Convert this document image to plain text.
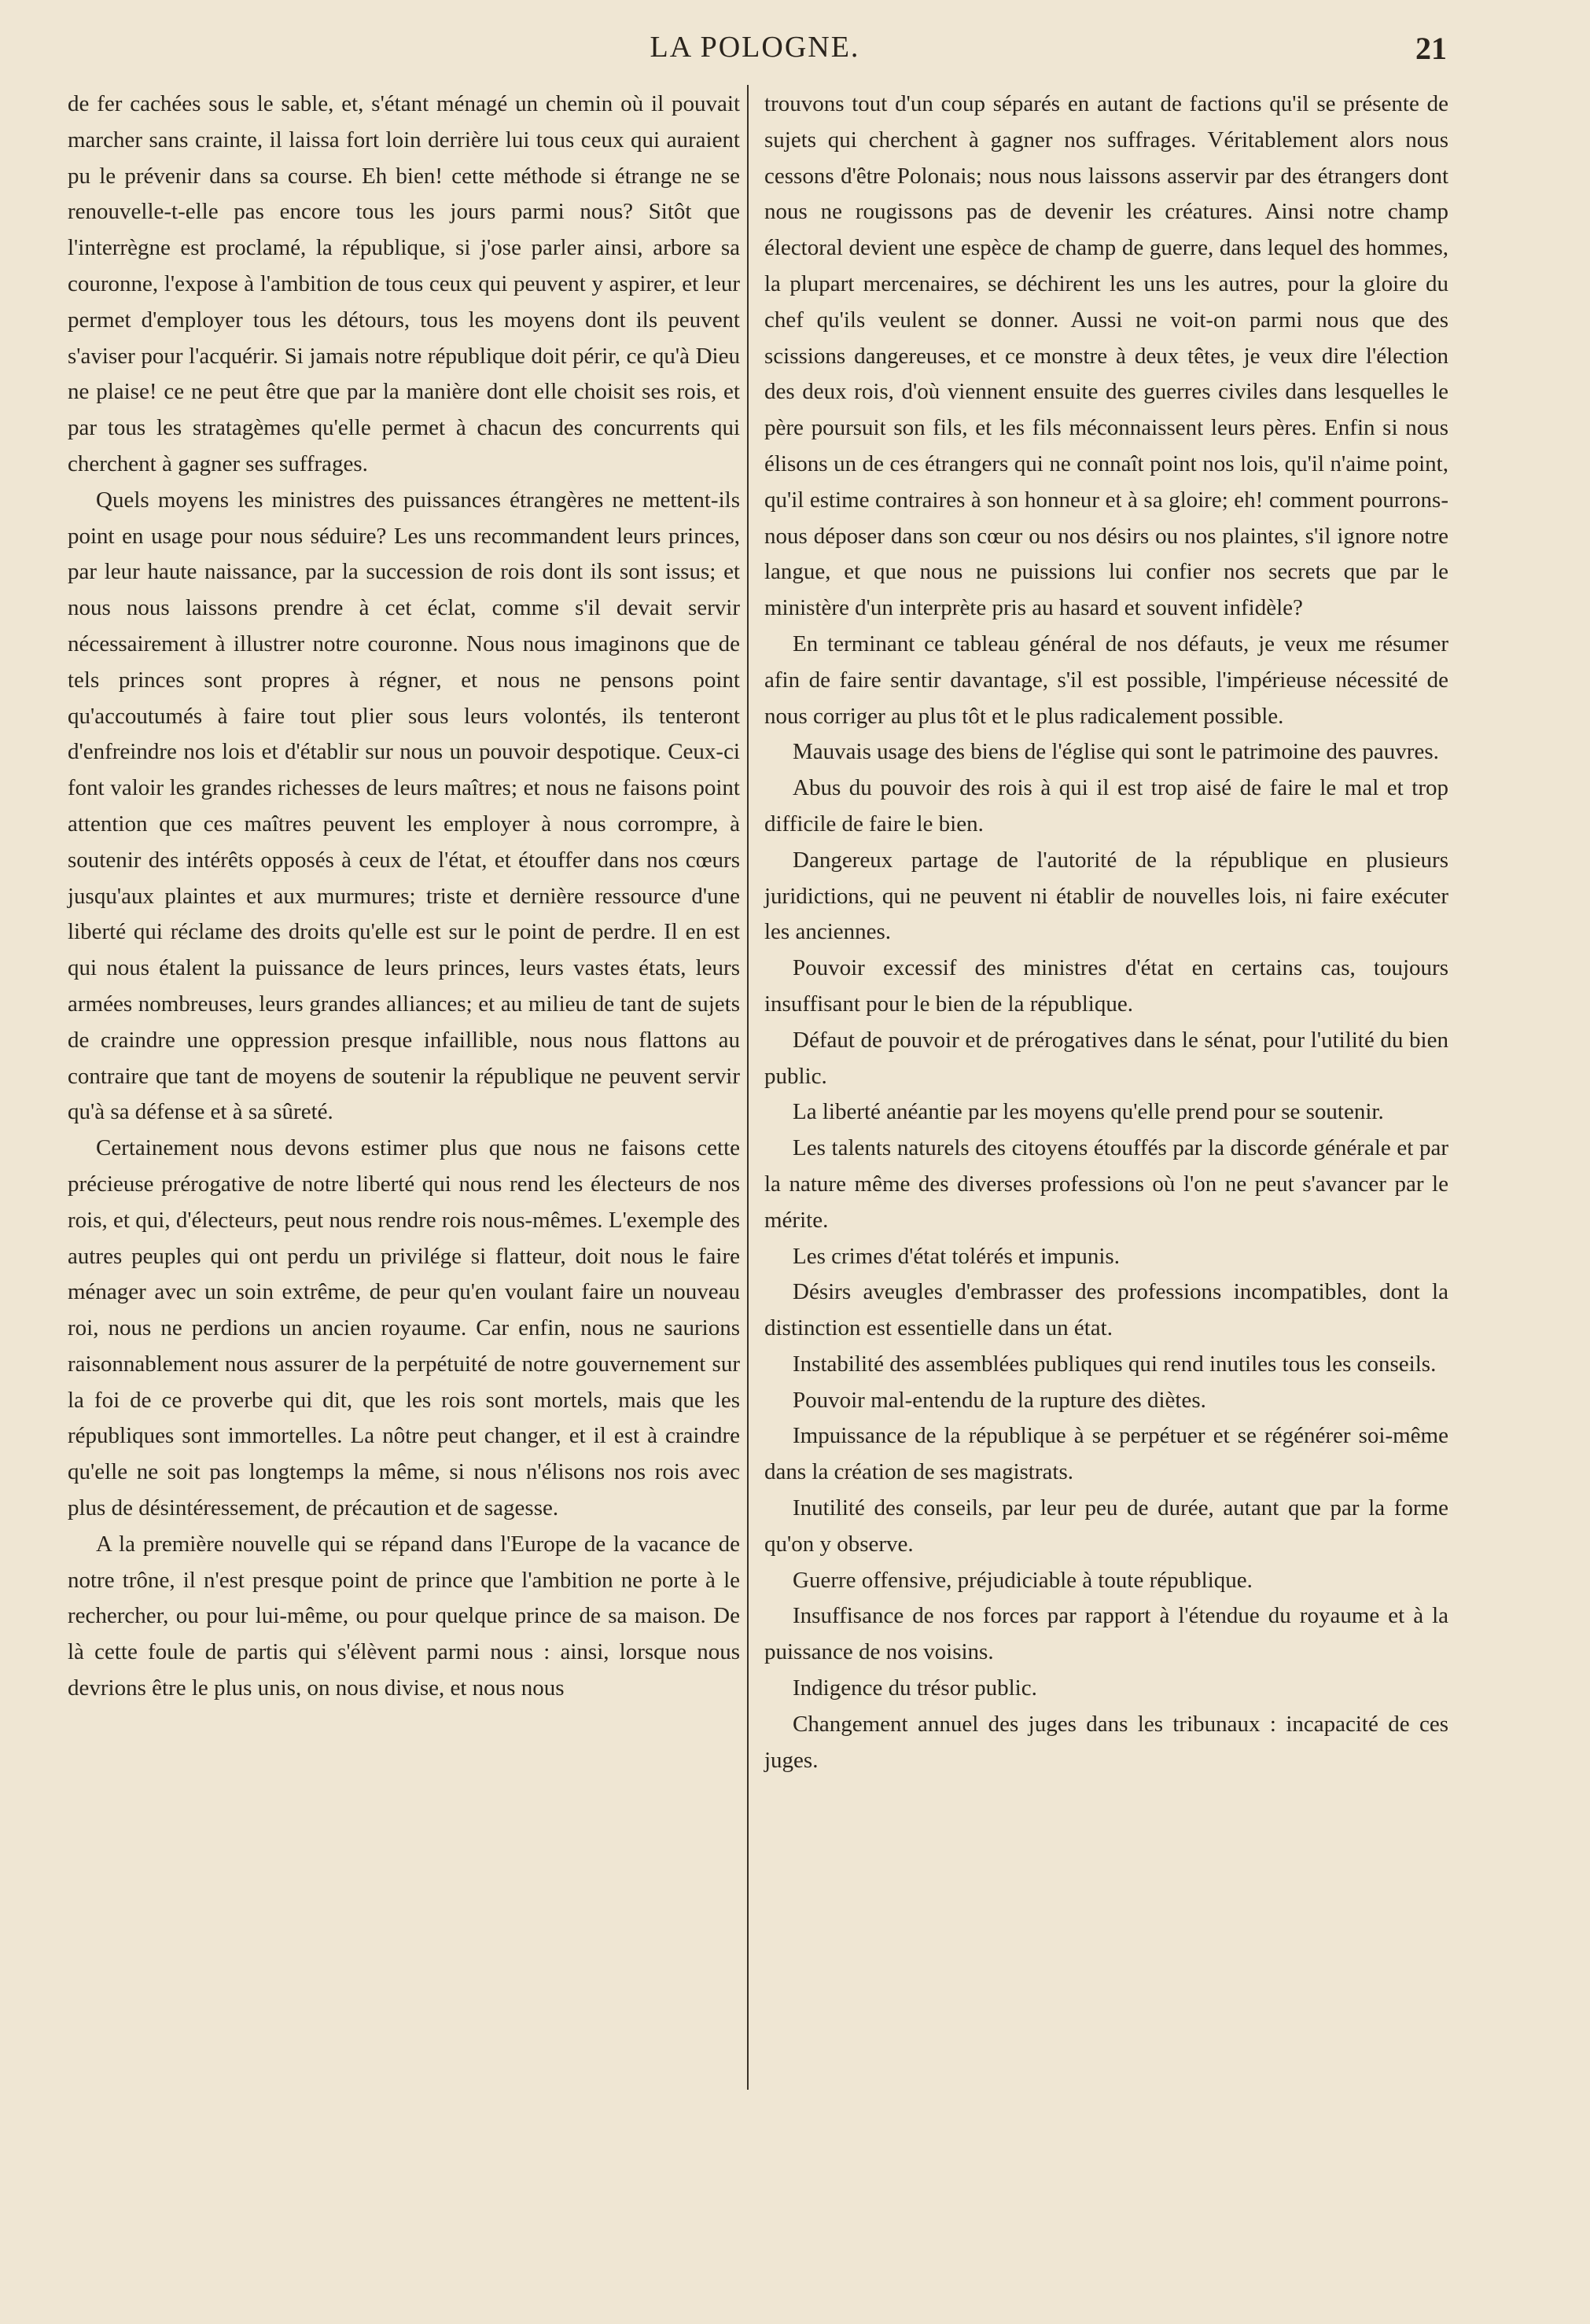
LA POLOGNE.	21

de fer cachées sous le sable, et, s'étant ménagé un chemin où il pouvait marcher sans crainte, il laissa fort loin derrière lui tous ceux qui auraient pu le prévenir dans sa course. Eh bien! cette méthode si étrange ne se renouvelle-t-elle pas encore tous les jours parmi nous? Sitôt que l'interrègne est proclamé, la république, si j'ose parler ainsi, arbore sa couronne, l'expose à l'ambition de tous ceux qui peuvent y aspirer, et leur permet d'employer tous les détours, tous les moyens dont ils peuvent s'aviser pour l'acquérir. Si jamais notre république doit périr, ce qu'à Dieu ne plaise! ce ne peut être que par la manière dont elle choisit ses rois, et par tous les stratagèmes qu'elle permet à chacun des concurrents qui cherchent à gagner ses suffrages.

Quels moyens les ministres des puissances étrangères ne mettent-ils point en usage pour nous séduire? Les uns recommandent leurs princes, par leur haute naissance, par la succession de rois dont ils sont issus; et nous nous laissons prendre à cet éclat, comme s'il devait servir nécessairement à illustrer notre couronne. Nous nous imaginons que de tels princes sont propres à régner, et nous ne pensons point qu'accoutumés à faire tout plier sous leurs volontés, ils tenteront d'enfreindre nos lois et d'établir sur nous un pouvoir despotique. Ceux-ci font valoir les grandes richesses de leurs maîtres; et nous ne faisons point attention que ces maîtres peuvent les employer à nous corrompre, à soutenir des intérêts opposés à ceux de l'état, et étouffer dans nos cœurs jusqu'aux plaintes et aux murmures; triste et dernière ressource d'une liberté qui réclame des droits qu'elle est sur le point de perdre. Il en est qui nous étalent la puissance de leurs princes, leurs vastes états, leurs armées nombreuses, leurs grandes alliances; et au milieu de tant de sujets de craindre une oppression presque infaillible, nous nous flattons au contraire que tant de moyens de soutenir la république ne peuvent servir qu'à sa défense et à sa sûreté.

Certainement nous devons estimer plus que nous ne faisons cette précieuse prérogative de notre liberté qui nous rend les électeurs de nos rois, et qui, d'électeurs, peut nous rendre rois nous-mêmes. L'exemple des autres peuples qui ont perdu un privilége si flatteur, doit nous le faire ménager avec un soin extrême, de peur qu'en voulant faire un nouveau roi, nous ne perdions un ancien royaume. Car enfin, nous ne saurions raisonnablement nous assurer de la perpétuité de notre gouvernement sur la foi de ce proverbe qui dit, que les rois sont mortels, mais que les républiques sont immortelles. La nôtre peut changer, et il est à craindre qu'elle ne soit pas longtemps la même, si nous n'élisons nos rois avec plus de désintéressement, de précaution et de sagesse.

A la première nouvelle qui se répand dans l'Europe de la vacance de notre trône, il n'est presque point de prince que l'ambition ne porte à le rechercher, ou pour lui-même, ou pour quelque prince de sa maison. De là cette foule de partis qui s'élèvent parmi nous : ainsi, lorsque nous devrions être le plus unis, on nous divise, et nous nous

trouvons tout d'un coup séparés en autant de factions qu'il se présente de sujets qui cherchent à gagner nos suffrages. Véritablement alors nous cessons d'être Polonais; nous nous laissons asservir par des étrangers dont nous ne rougissons pas de devenir les créatures. Ainsi notre champ électoral devient une espèce de champ de guerre, dans lequel des hommes, la plupart mercenaires, se déchirent les uns les autres, pour la gloire du chef qu'ils veulent se donner. Aussi ne voit-on parmi nous que des scissions dangereuses, et ce monstre à deux têtes, je veux dire l'élection des deux rois, d'où viennent ensuite des guerres civiles dans lesquelles le père poursuit son fils, et les fils méconnaissent leurs pères. Enfin si nous élisons un de ces étrangers qui ne connaît point nos lois, qu'il n'aime point, qu'il estime contraires à son honneur et à sa gloire; eh! comment pourrons-nous déposer dans son cœur ou nos désirs ou nos plaintes, s'il ignore notre langue, et que nous ne puissions lui confier nos secrets que par le ministère d'un interprète pris au hasard et souvent infidèle?

En terminant ce tableau général de nos défauts, je veux me résumer afin de faire sentir davantage, s'il est possible, l'impérieuse nécessité de nous corriger au plus tôt et le plus radicalement possible.

Mauvais usage des biens de l'église qui sont le patrimoine des pauvres.

Abus du pouvoir des rois à qui il est trop aisé de faire le mal et trop difficile de faire le bien.

Dangereux partage de l'autorité de la république en plusieurs juridictions, qui ne peuvent ni établir de nouvelles lois, ni faire exécuter les anciennes.

Pouvoir excessif des ministres d'état en certains cas, toujours insuffisant pour le bien de la république.

Défaut de pouvoir et de prérogatives dans le sénat, pour l'utilité du bien public.

La liberté anéantie par les moyens qu'elle prend pour se soutenir.

Les talents naturels des citoyens étouffés par la discorde générale et par la nature même des diverses professions où l'on ne peut s'avancer par le mérite.

Les crimes d'état tolérés et impunis.

Désirs aveugles d'embrasser des professions incompatibles, dont la distinction est essentielle dans un état.

Instabilité des assemblées publiques qui rend inutiles tous les conseils.

Pouvoir mal-entendu de la rupture des diètes.

Impuissance de la république à se perpétuer et se régénérer soi-même dans la création de ses magistrats.

Inutilité des conseils, par leur peu de durée, autant que par la forme qu'on y observe.

Guerre offensive, préjudiciable à toute république.

Insuffisance de nos forces par rapport à l'étendue du royaume et à la puissance de nos voisins.

Indigence du trésor public.

Changement annuel des juges dans les tribunaux : incapacité de ces juges.
